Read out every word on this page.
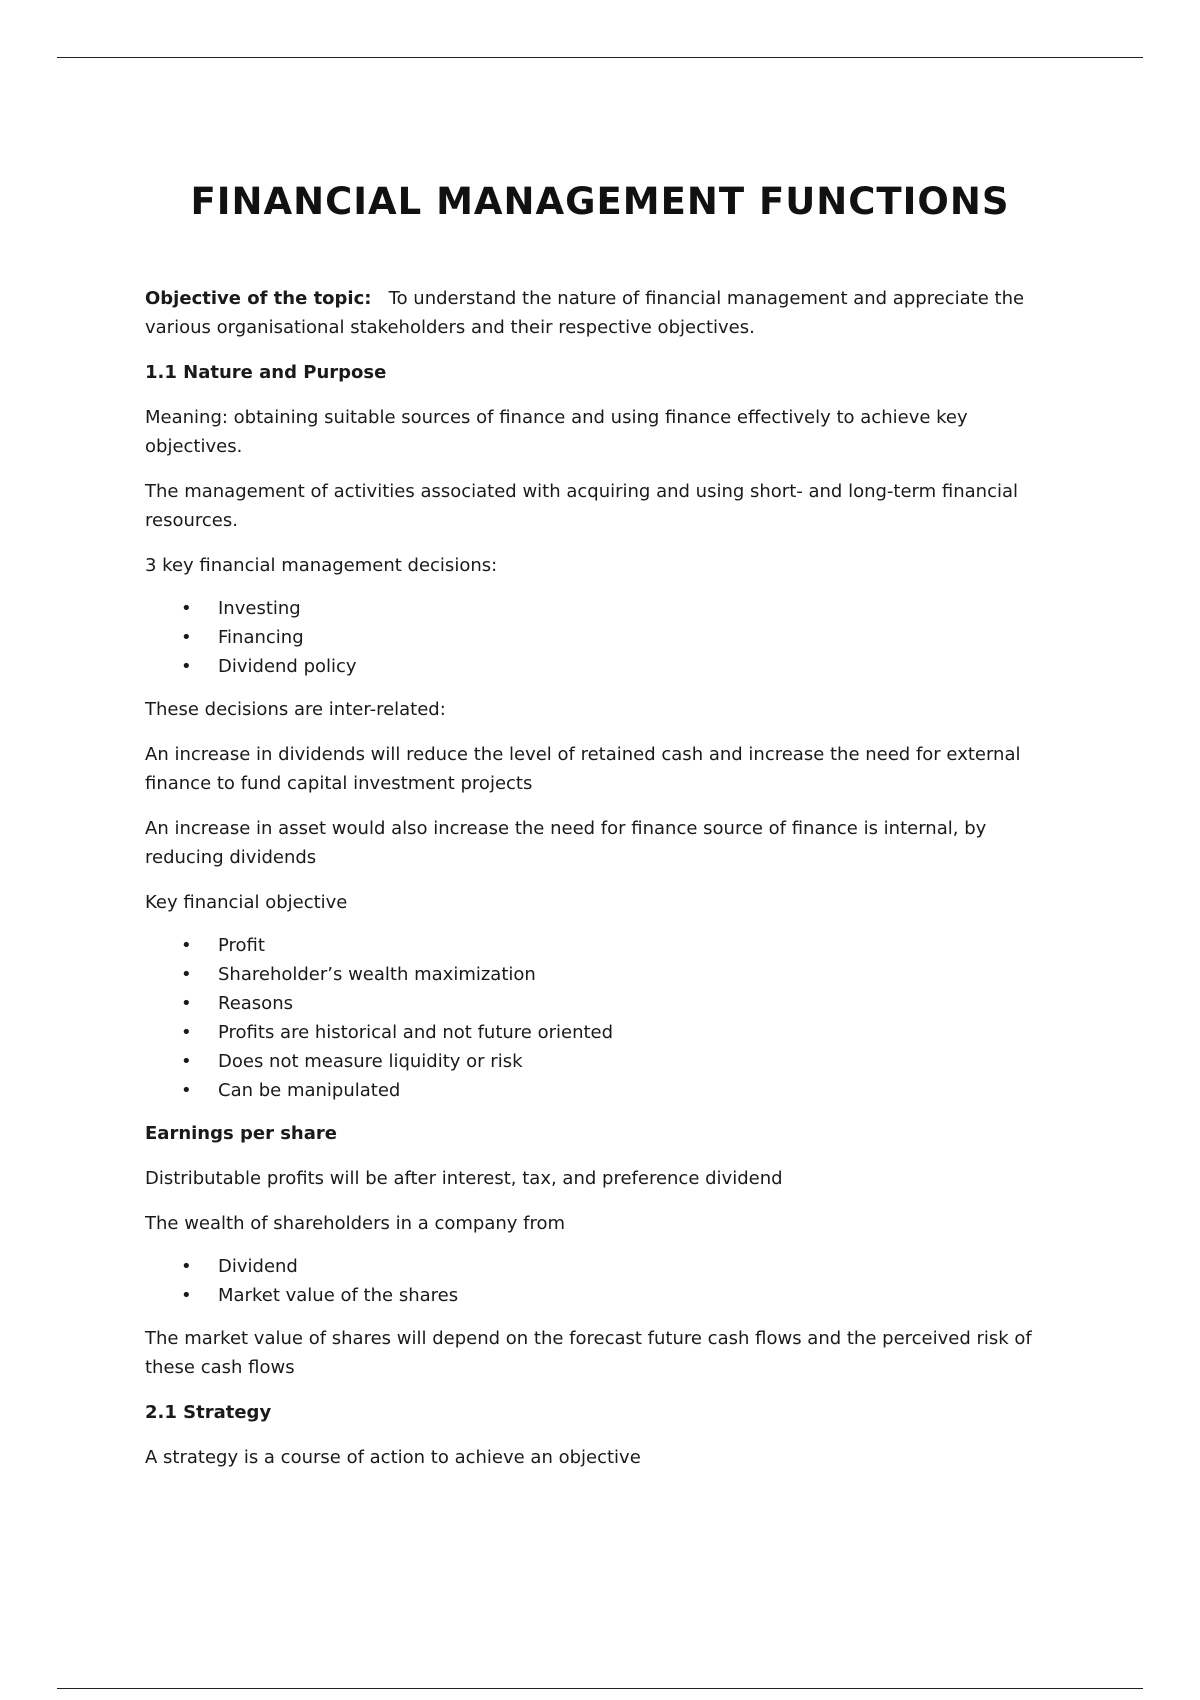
FINANCIAL MANAGEMENT FUNCTIONS

Objective of the topic: To understand the nature of financial management and appreciate the various organisational stakeholders and their respective objectives.

1.1 Nature and Purpose

Meaning: obtaining suitable sources of finance and using finance effectively to achieve key objectives.

The management of activities associated with acquiring and using short- and long-term financial resources.

3 key financial management decisions:

• Investing
• Financing
• Dividend policy

These decisions are inter-related:

An increase in dividends will reduce the level of retained cash and increase the need for external finance to fund capital investment projects

An increase in asset would also increase the need for finance source of finance is internal, by reducing dividends

Key financial objective

• Profit
• Shareholder’s wealth maximization
• Reasons
• Profits are historical and not future oriented
• Does not measure liquidity or risk
• Can be manipulated

Earnings per share

Distributable profits will be after interest, tax, and preference dividend

The wealth of shareholders in a company from

• Dividend
• Market value of the shares

The market value of shares will depend on the forecast future cash flows and the perceived risk of these cash flows

2.1 Strategy

A strategy is a course of action to achieve an objective
